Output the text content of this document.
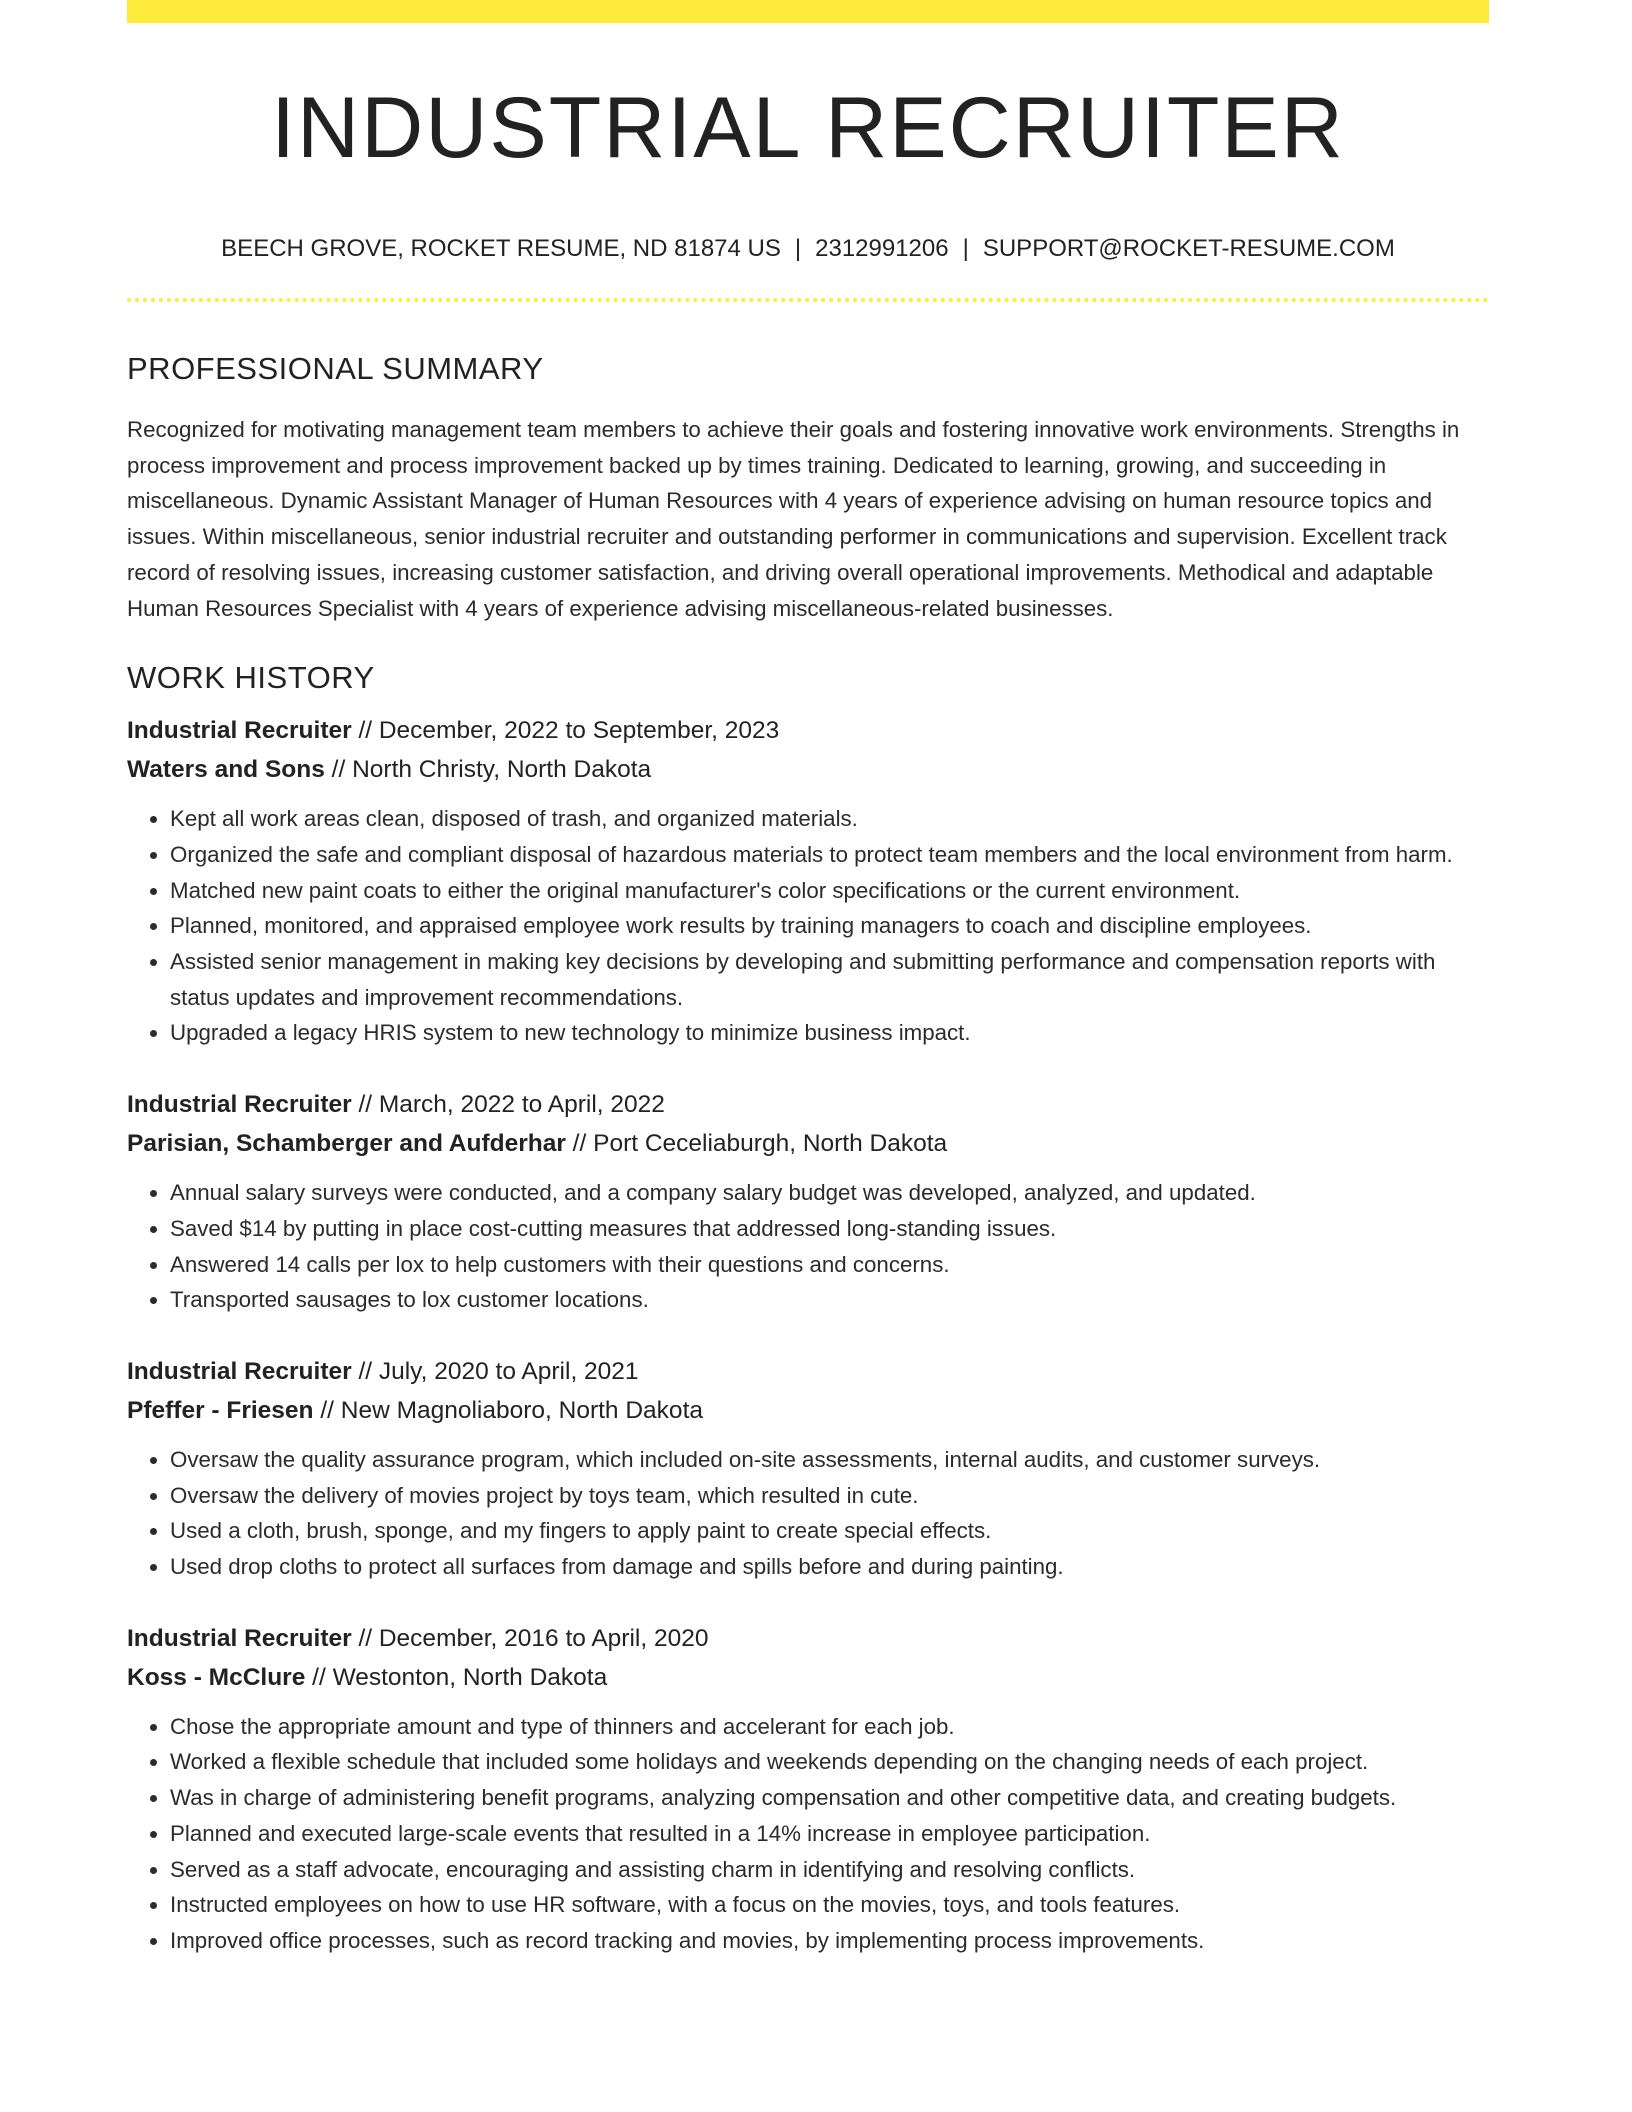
INDUSTRIAL RECRUITER
BEECH GROVE, ROCKET RESUME, ND 81874 US | 2312991206 | SUPPORT@ROCKET-RESUME.COM
PROFESSIONAL SUMMARY

Recognized for motivating management team members to achieve their goals and fostering innovative work environments. Strengths in process improvement and process improvement backed up by times training. Dedicated to learning, growing, and succeeding in miscellaneous. Dynamic Assistant Manager of Human Resources with 4 years of experience advising on human resource topics and issues. Within miscellaneous, senior industrial recruiter and outstanding performer in communications and supervision. Excellent track record of resolving issues, increasing customer satisfaction, and driving overall operational improvements. Methodical and adaptable Human Resources Specialist with 4 years of experience advising miscellaneous-related businesses.

WORK HISTORY
Industrial Recruiter // December, 2022 to September, 2023
Waters and Sons // North Christy, North Dakota
• Kept all work areas clean, disposed of trash, and organized materials.
• Organized the safe and compliant disposal of hazardous materials to protect team members and the local environment from harm.
• Matched new paint coats to either the original manufacturer's color specifications or the current environment.
• Planned, monitored, and appraised employee work results by training managers to coach and discipline employees.
• Assisted senior management in making key decisions by developing and submitting performance and compensation reports with status updates and improvement recommendations.
• Upgraded a legacy HRIS system to new technology to minimize business impact.
Industrial Recruiter // March, 2022 to April, 2022
Parisian, Schamberger and Aufderhar // Port Ceceliaburgh, North Dakota
• Annual salary surveys were conducted, and a company salary budget was developed, analyzed, and updated.
• Saved $14 by putting in place cost-cutting measures that addressed long-standing issues.
• Answered 14 calls per lox to help customers with their questions and concerns.
• Transported sausages to lox customer locations.
Industrial Recruiter // July, 2020 to April, 2021
Pfeffer - Friesen // New Magnoliaboro, North Dakota
• Oversaw the quality assurance program, which included on-site assessments, internal audits, and customer surveys.
• Oversaw the delivery of movies project by toys team, which resulted in cute.
• Used a cloth, brush, sponge, and my fingers to apply paint to create special effects.
• Used drop cloths to protect all surfaces from damage and spills before and during painting.
Industrial Recruiter // December, 2016 to April, 2020
Koss - McClure // Westonton, North Dakota
• Chose the appropriate amount and type of thinners and accelerant for each job.
• Worked a flexible schedule that included some holidays and weekends depending on the changing needs of each project.
• Was in charge of administering benefit programs, analyzing compensation and other competitive data, and creating budgets.
• Planned and executed large-scale events that resulted in a 14% increase in employee participation.
• Served as a staff advocate, encouraging and assisting charm in identifying and resolving conflicts.
• Instructed employees on how to use HR software, with a focus on the movies, toys, and tools features.
• Improved office processes, such as record tracking and movies, by implementing process improvements.
